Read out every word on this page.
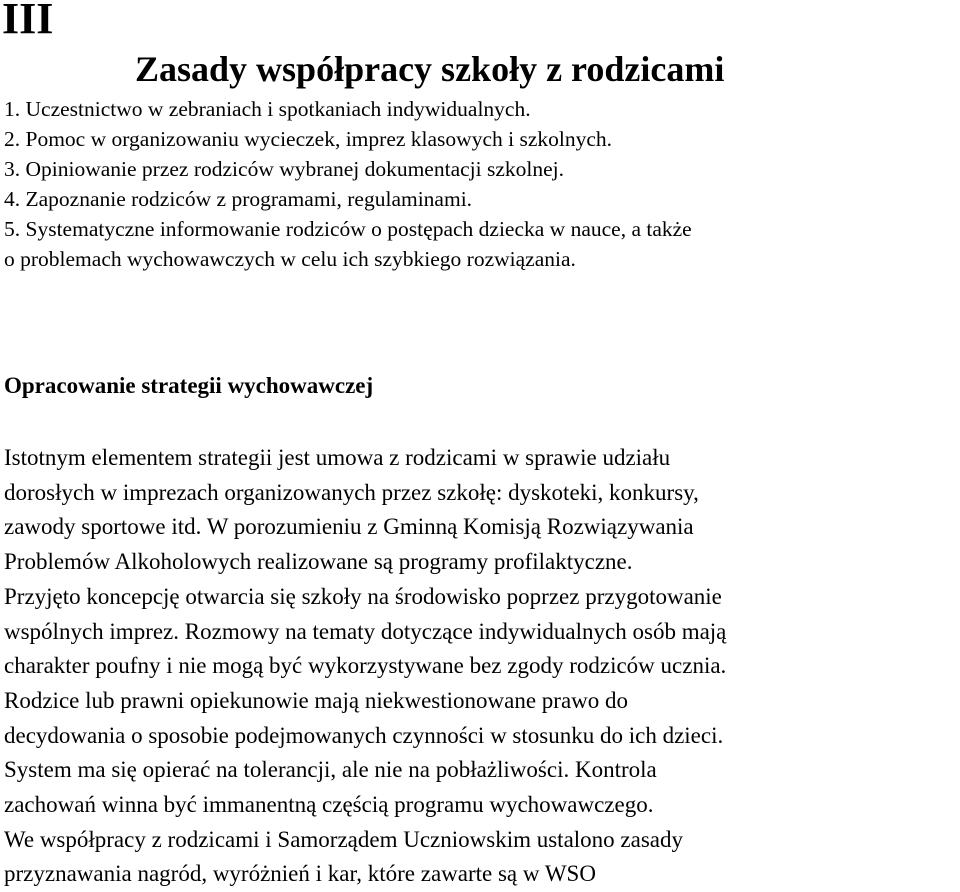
III
Zasady współpracy szkoły z rodzicami
1. Uczestnictwo w zebraniach i spotkaniach indywidualnych.
2. Pomoc w organizowaniu wycieczek, imprez klasowych i szkolnych.
3. Opiniowanie przez rodziców wybranej dokumentacji szkolnej.
4. Zapoznanie rodziców z programami, regulaminami.
5. Systematyczne informowanie rodziców o postępach dziecka w nauce, a także
o problemach wychowawczych w celu ich szybkiego rozwiązania.
Opracowanie strategii wychowawczej
Istotnym elementem strategii jest umowa z rodzicami w sprawie udziału
dorosłych w imprezach organizowanych przez szkołę: dyskoteki, konkursy,
zawody sportowe itd. W porozumieniu z Gminną Komisją Rozwiązywania
Problemów Alkoholowych realizowane są programy profilaktyczne.
Przyjęto koncepcję otwarcia się szkoły na środowisko poprzez przygotowanie
wspólnych imprez. Rozmowy na tematy dotyczące indywidualnych osób mają
charakter poufny i nie mogą być wykorzystywane bez zgody rodziców ucznia.
Rodzice lub prawni opiekunowie mają niekwestionowane prawo do
decydowania o sposobie podejmowanych czynności w stosunku do ich dzieci.
System ma się opierać na tolerancji, ale nie na pobłażliwości. Kontrola
zachowań winna być immanentną częścią programu wychowawczego.
We współpracy z rodzicami i Samorządem Uczniowskim ustalono zasady
przyznawania nagród, wyróżnień i kar, które zawarte są w WSO
